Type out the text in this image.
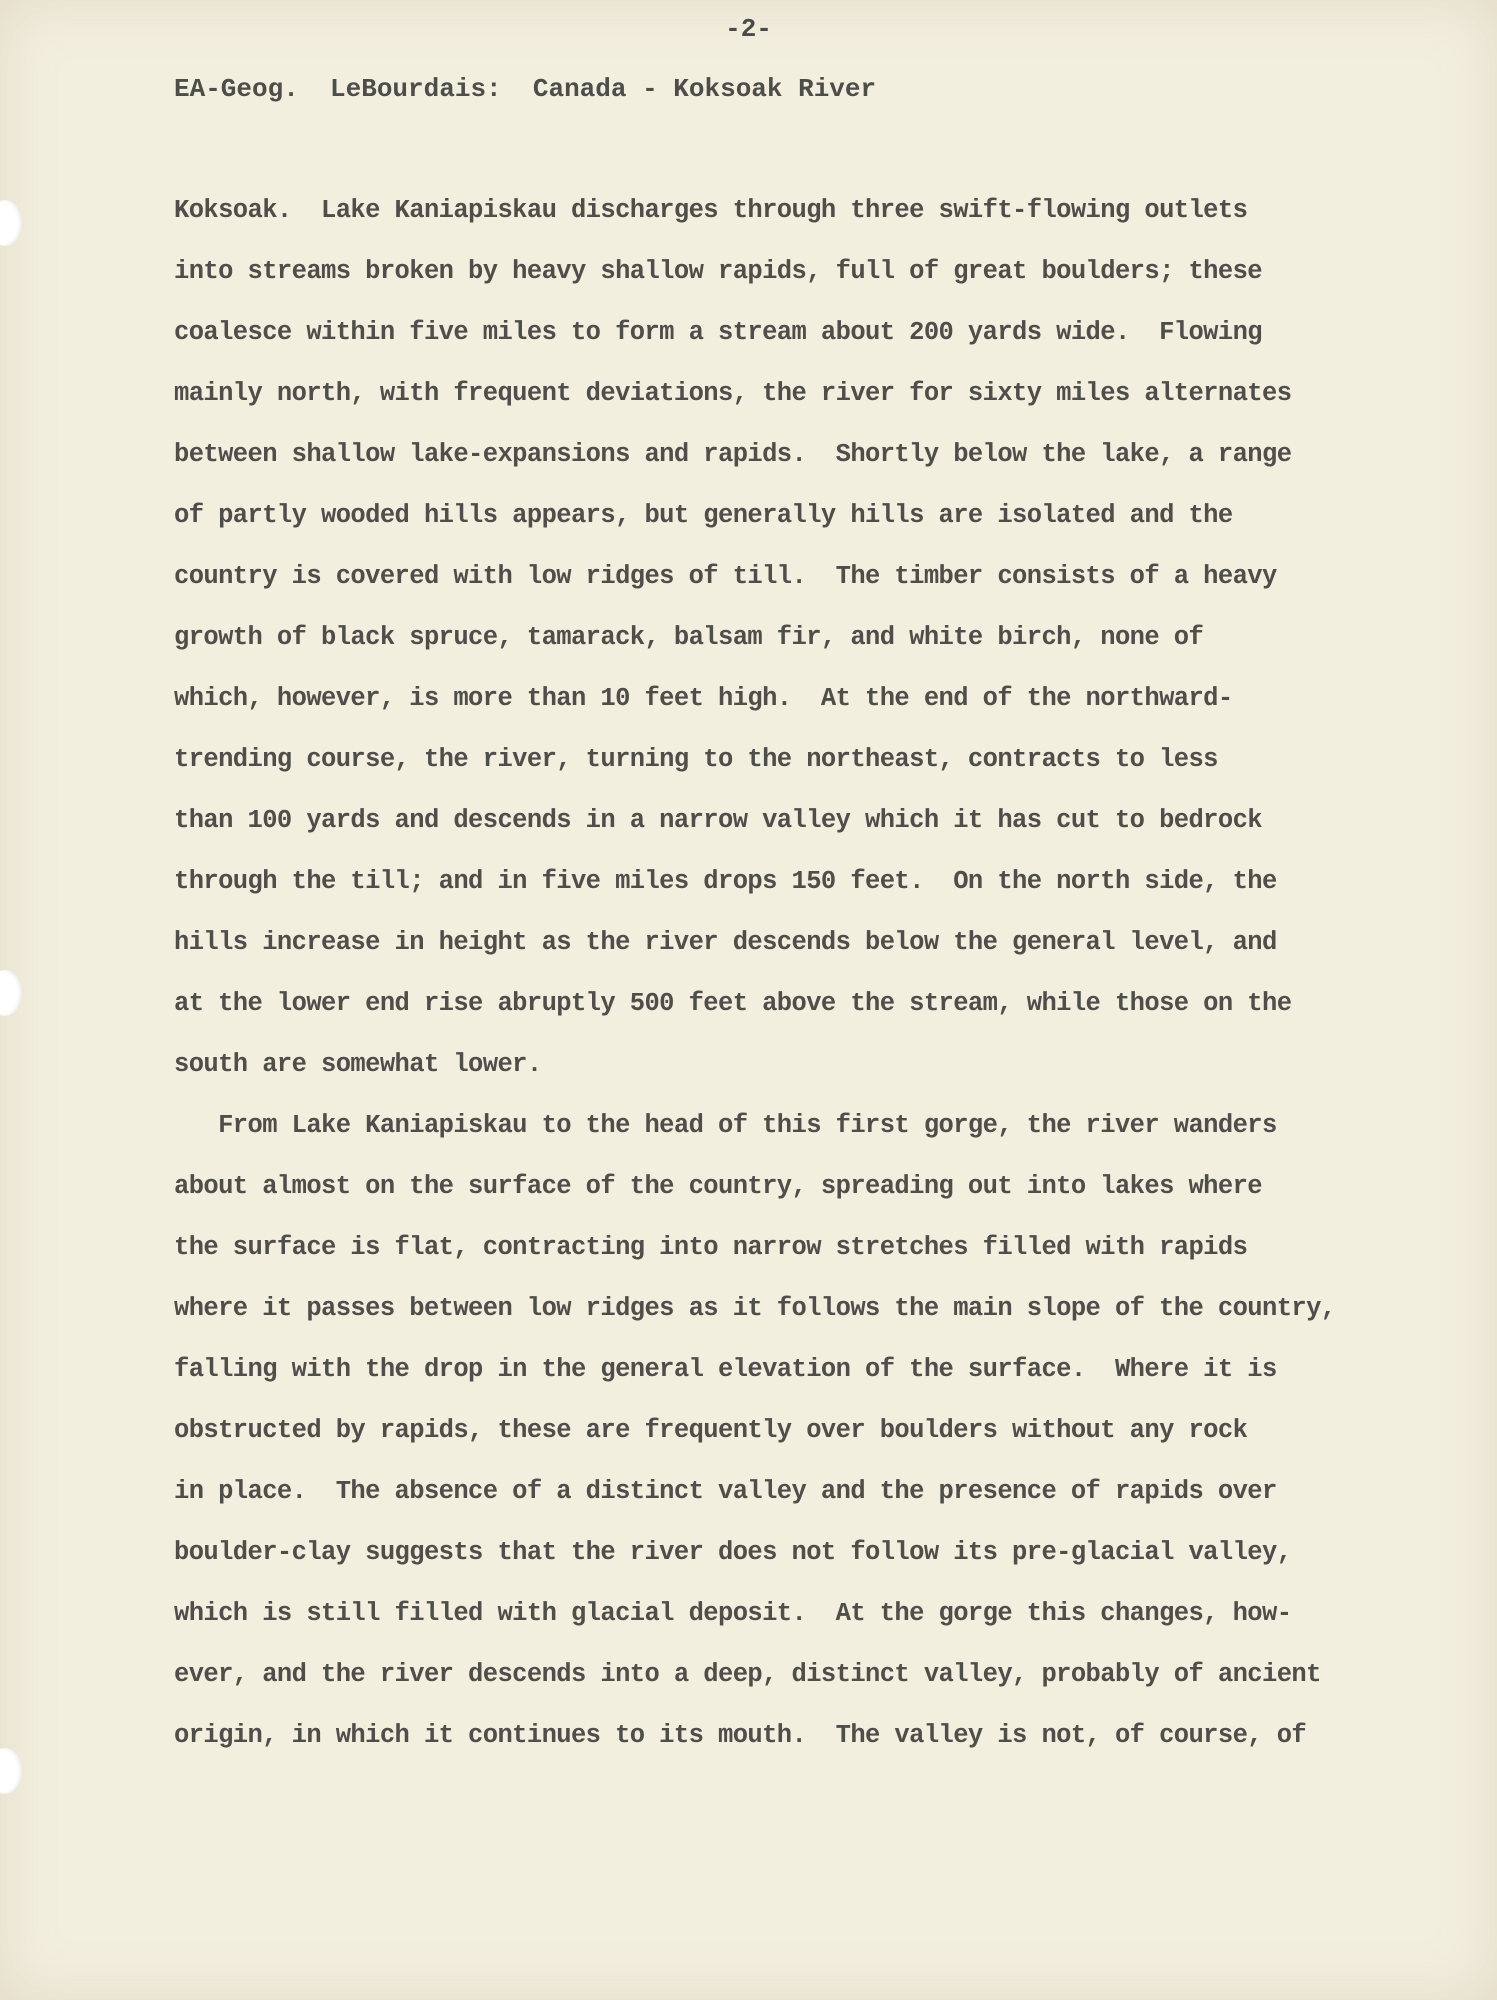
-2-
EA-Geog.  LeBourdais:  Canada - Koksoak River
Koksoak.  Lake Kaniapiskau discharges through three swift-flowing outlets
into streams broken by heavy shallow rapids, full of great boulders; these
coalesce within five miles to form a stream about 200 yards wide.  Flowing
mainly north, with frequent deviations, the river for sixty miles alternates
between shallow lake-expansions and rapids.  Shortly below the lake, a range
of partly wooded hills appears, but generally hills are isolated and the
country is covered with low ridges of till.  The timber consists of a heavy
growth of black spruce, tamarack, balsam fir, and white birch, none of
which, however, is more than 10 feet high.  At the end of the northward-
trending course, the river, turning to the northeast, contracts to less
than 100 yards and descends in a narrow valley which it has cut to bedrock
through the till; and in five miles drops 150 feet.  On the north side, the
hills increase in height as the river descends below the general level, and
at the lower end rise abruptly 500 feet above the stream, while those on the
south are somewhat lower.
From Lake Kaniapiskau to the head of this first gorge, the river wanders
about almost on the surface of the country, spreading out into lakes where
the surface is flat, contracting into narrow stretches filled with rapids
where it passes between low ridges as it follows the main slope of the country,
falling with the drop in the general elevation of the surface.  Where it is
obstructed by rapids, these are frequently over boulders without any rock
in place.  The absence of a distinct valley and the presence of rapids over
boulder-clay suggests that the river does not follow its pre-glacial valley,
which is still filled with glacial deposit.  At the gorge this changes, how-
ever, and the river descends into a deep, distinct valley, probably of ancient
origin, in which it continues to its mouth.  The valley is not, of course, of
